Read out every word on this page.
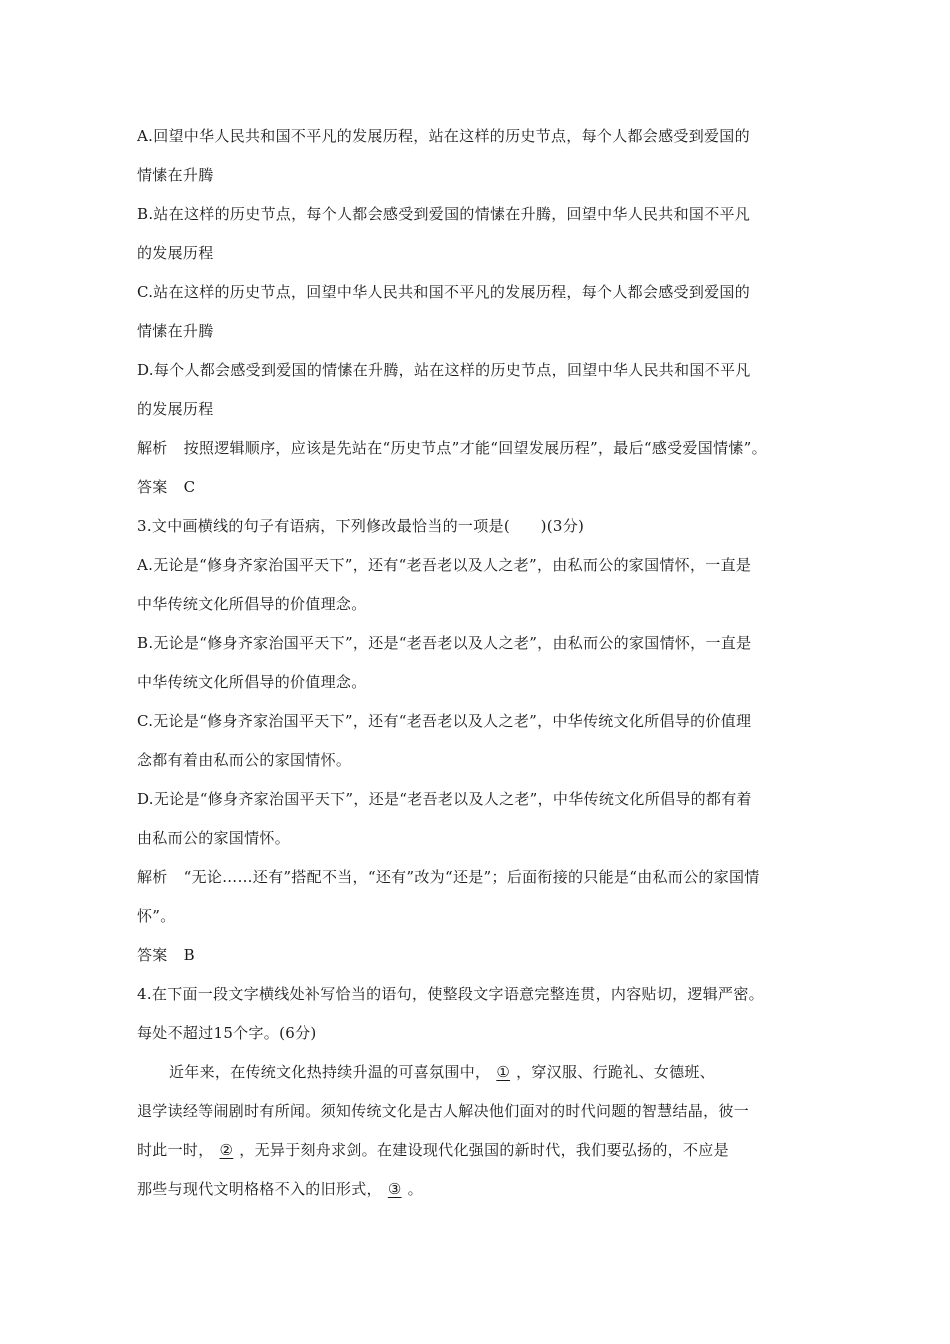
A.回望中华人民共和国不平凡的发展历程，站在这样的历史节点，每个人都会感受到爱国的
情愫在升腾
B.站在这样的历史节点，每个人都会感受到爱国的情愫在升腾，回望中华人民共和国不平凡
的发展历程
C.站在这样的历史节点，回望中华人民共和国不平凡的发展历程，每个人都会感受到爱国的
情愫在升腾
D.每个人都会感受到爱国的情愫在升腾，站在这样的历史节点，回望中华人民共和国不平凡
的发展历程
解析 按照逻辑顺序，应该是先站在“历史节点”才能“回望发展历程”，最后“感受爱国情愫”。
答案 C
3.文中画横线的句子有语病，下列修改最恰当的一项是(　　)(3分)
A.无论是“修身齐家治国平天下”，还有“老吾老以及人之老”，由私而公的家国情怀，一直是
中华传统文化所倡导的价值理念。
B.无论是“修身齐家治国平天下”，还是“老吾老以及人之老”，由私而公的家国情怀，一直是
中华传统文化所倡导的价值理念。
C.无论是“修身齐家治国平天下”，还有“老吾老以及人之老”，中华传统文化所倡导的价值理
念都有着由私而公的家国情怀。
D.无论是“修身齐家治国平天下”，还是“老吾老以及人之老”，中华传统文化所倡导的都有着
由私而公的家国情怀。
解析 “无论……还有”搭配不当，“还有”改为“还是”；后面衔接的只能是“由私而公的家国情
怀”。
答案 B
4.在下面一段文字横线处补写恰当的语句，使整段文字语意完整连贯，内容贴切，逻辑严密。
每处不超过15个字。(6分)
近年来，在传统文化热持续升温的可喜氛围中， ① ，穿汉服、行跪礼、女德班、
退学读经等闹剧时有所闻。须知传统文化是古人解决他们面对的时代问题的智慧结晶，彼一
时此一时， ② ，无异于刻舟求剑。在建设现代化强国的新时代，我们要弘扬的，不应是
那些与现代文明格格不入的旧形式， ③ 。
